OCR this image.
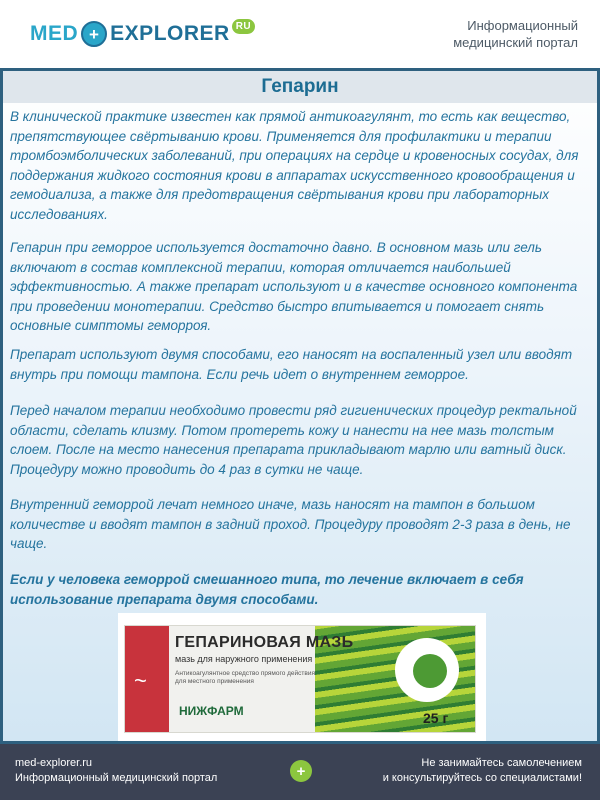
MED + EXPLORER RU	Информационный
медицинский портал
Гепарин

В клинической практике известен как прямой антикоагулянт, то есть как вещество, препятствующее свёртыванию крови. Применяется для профилактики и терапии тромбоэмболических заболеваний, при операциях на сердце и кровеносных сосудах, для поддержания жидкого состояния крови в аппаратах искусственного кровообращения и гемодиализа, а также для предотвращения свёртывания крови при лабораторных исследованиях.

Гепарин при геморрое используется достаточно давно. В основном мазь или гель включают в состав комплексной терапии, которая отличается наибольшей эффективностью. А также препарат используют и в качестве основного компонента при проведении монотерапии. Средство быстро впитывается и помогает снять основные симптомы геморроя.

Препарат используют двумя способами, его наносят на воспаленный узел или вводят внутрь при помощи тампона. Если речь идет о внутреннем геморрое.

Перед началом терапии необходимо провести ряд гигиенических процедур ректальной области, сделать клизму. Потом протереть кожу и нанести на нее мазь толстым слоем. После на место нанесения препарата прикладывают марлю или ватный диск. Процедуру можно проводить до 4 раз в сутки не чаще.

Внутренний геморрой лечат немного иначе, мазь наносят на тампон в большом количестве и вводят тампон в задний проход. Процедуру проводят 2-3 раза в день, не чаще.

Если у человека геморрой смешанного типа, то лечение включает в себя использование препарата двумя способами.

~
ГЕПАРИНОВАЯ МАЗЬ
мазь для наружного применения
Антикоагулянтное средство прямого действия для местного применения
НИЖФАРМ	25 г
med-explorer.ru
Информационный медицинский портал	+	Не занимайтесь самолечением
и консультируйтесь со специалистами!
